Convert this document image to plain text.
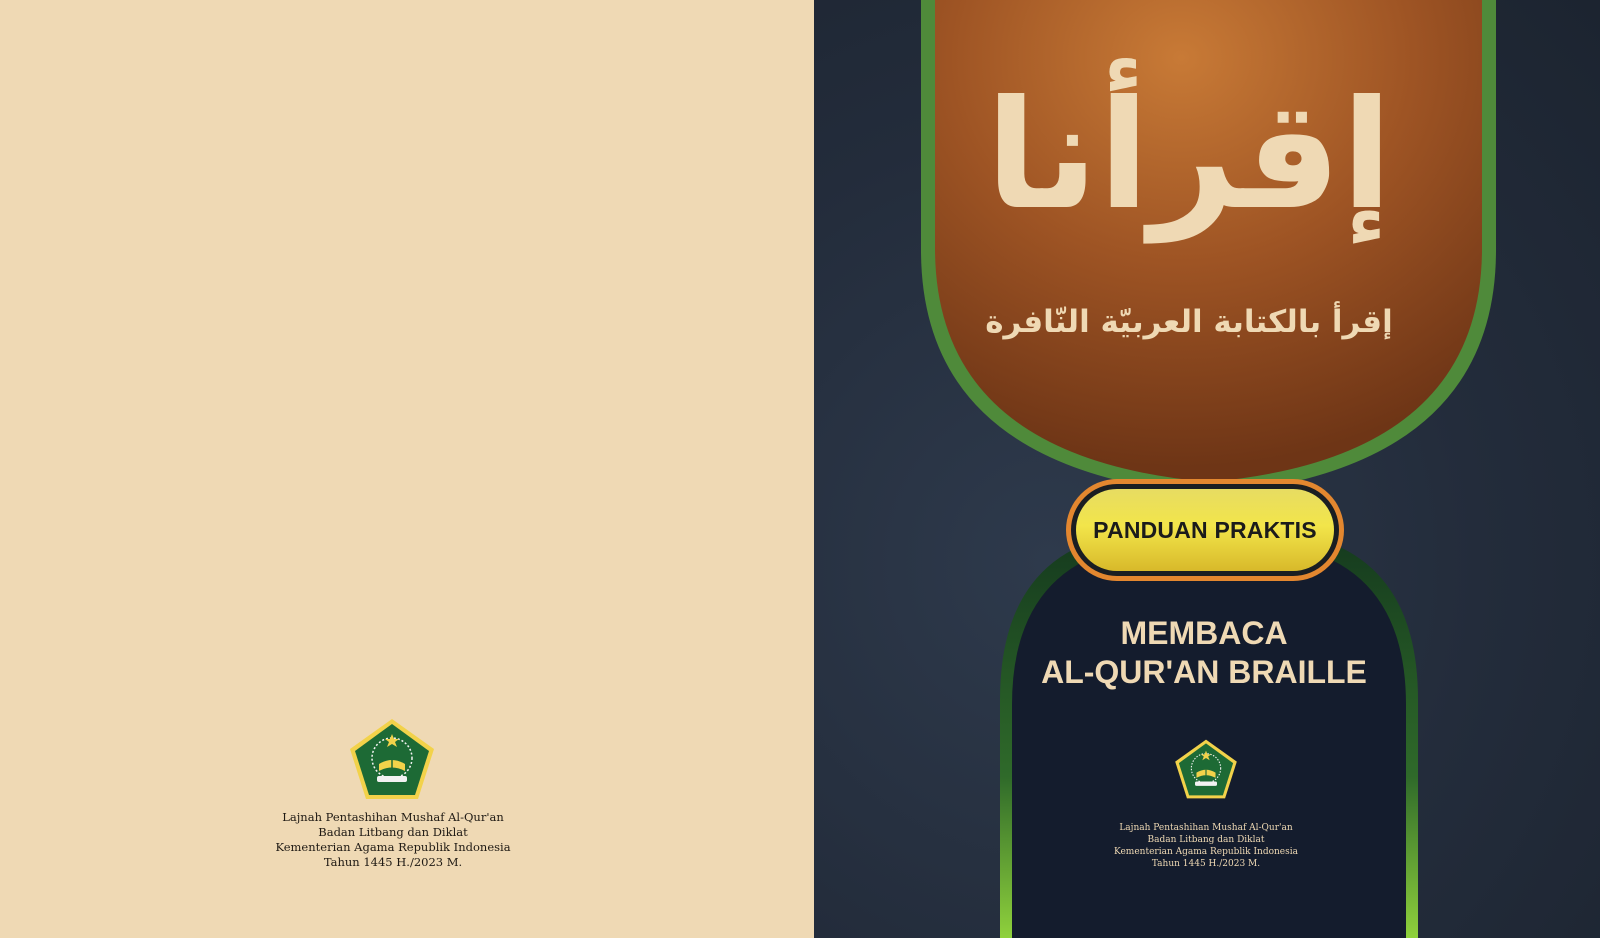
Lajnah Pentashihan Mushaf Al-Qur'an
Badan Litbang dan Diklat
Kementerian Agama Republik Indonesia
Tahun 1445 H./2023 M.
إقرأنا
إقرأ بالكتابة العربيّة النّافرة
PANDUAN PRAKTIS
MEMBACA
AL-QUR'AN BRAILLE
Lajnah Pentashihan Mushaf Al-Qur'an
Badan Litbang dan Diklat
Kementerian Agama Republik Indonesia
Tahun 1445 H./2023 M.
